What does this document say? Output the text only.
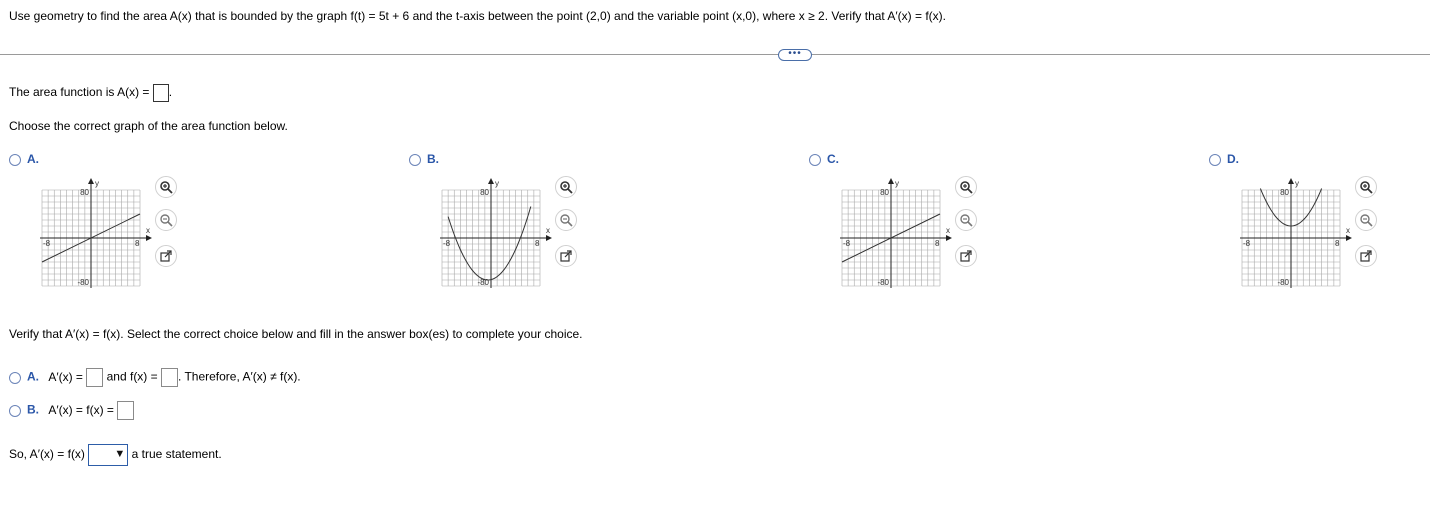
Use geometry to find the area A(x) that is bounded by the graph f(t) = 5t + 6 and the t-axis between the point (2,0) and the variable point (x,0), where x ≥ 2. Verify that A′(x) = f(x).
•••
The area function is A(x) = .
Choose the correct graph of the area function below.
A.
80
-80
-8	8
y
x
B.
80
-80
-8	8
y
x
C.
80
-80
-8	8
y
x
D.
80
-80
-8	8
y
x
Verify that A′(x) = f(x). Select the correct choice below and fill in the answer box(es) to complete your choice.
A. A′(x) = and f(x) = . Therefore, A′(x) ≠ f(x).
B. A′(x) = f(x) =
So, A′(x) = f(x)	▼ a true statement.
